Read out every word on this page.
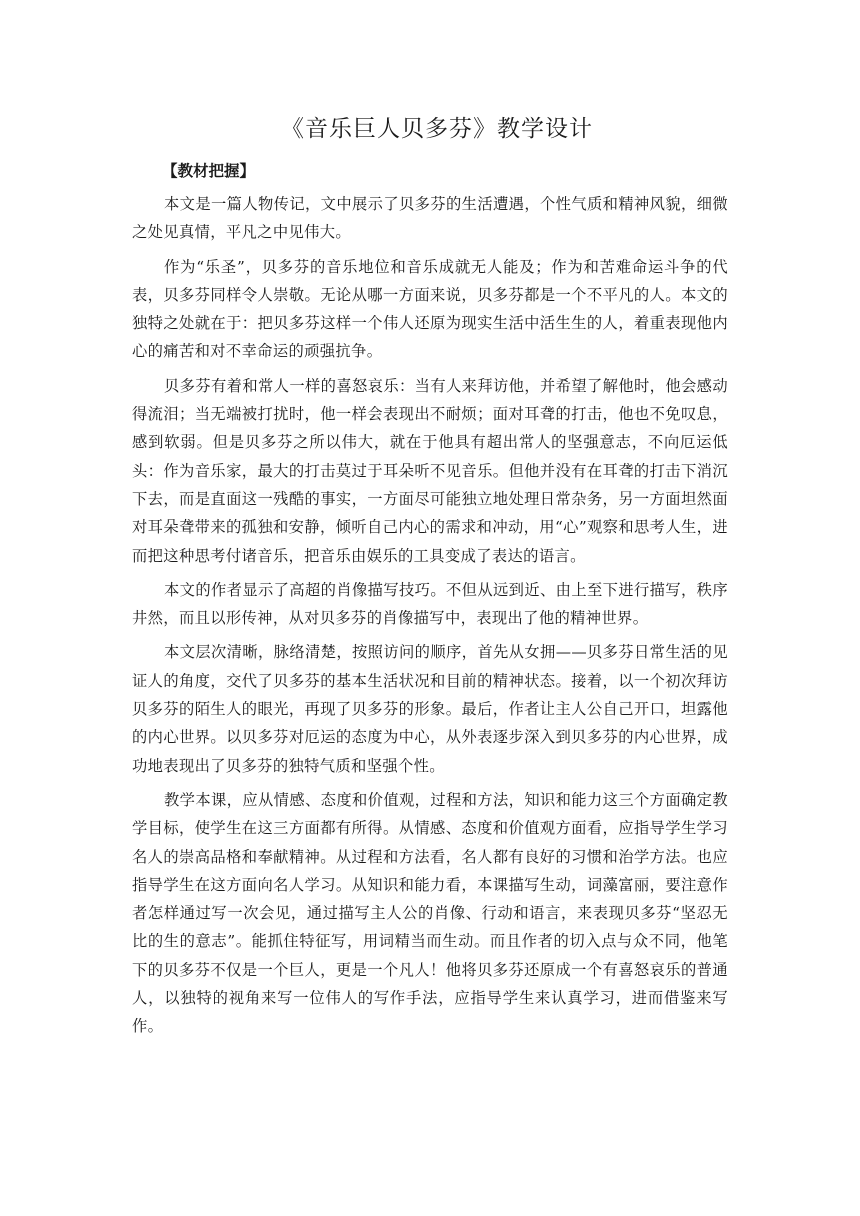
《音乐巨人贝多芬》教学设计
【教材把握】

本文是一篇人物传记，文中展示了贝多芬的生活遭遇，个性气质和精神风貌，细微之处见真情，平凡之中见伟大。

作为“乐圣”，贝多芬的音乐地位和音乐成就无人能及；作为和苦难命运斗争的代表，贝多芬同样令人崇敬。无论从哪一方面来说，贝多芬都是一个不平凡的人。本文的独特之处就在于：把贝多芬这样一个伟人还原为现实生活中活生生的人，着重表现他内心的痛苦和对不幸命运的顽强抗争。

贝多芬有着和常人一样的喜怒哀乐：当有人来拜访他，并希望了解他时，他会感动得流泪；当无端被打扰时，他一样会表现出不耐烦；面对耳聋的打击，他也不免叹息，感到软弱。但是贝多芬之所以伟大，就在于他具有超出常人的坚强意志，不向厄运低头：作为音乐家，最大的打击莫过于耳朵听不见音乐。但他并没有在耳聋的打击下消沉下去，而是直面这一残酷的事实，一方面尽可能独立地处理日常杂务，另一方面坦然面对耳朵聋带来的孤独和安静，倾听自己内心的需求和冲动，用“心”观察和思考人生，进而把这种思考付诸音乐，把音乐由娱乐的工具变成了表达的语言。

本文的作者显示了高超的肖像描写技巧。不但从远到近、由上至下进行描写，秩序井然，而且以形传神，从对贝多芬的肖像描写中，表现出了他的精神世界。

本文层次清晰，脉络清楚，按照访问的顺序，首先从女拥——贝多芬日常生活的见证人的角度，交代了贝多芬的基本生活状况和目前的精神状态。接着，以一个初次拜访贝多芬的陌生人的眼光，再现了贝多芬的形象。最后，作者让主人公自己开口，坦露他的内心世界。以贝多芬对厄运的态度为中心，从外表逐步深入到贝多芬的内心世界，成功地表现出了贝多芬的独特气质和坚强个性。

教学本课，应从情感、态度和价值观，过程和方法，知识和能力这三个方面确定教学目标，使学生在这三方面都有所得。从情感、态度和价值观方面看，应指导学生学习名人的崇高品格和奉献精神。从过程和方法看，名人都有良好的习惯和治学方法。也应指导学生在这方面向名人学习。从知识和能力看，本课描写生动，词藻富丽，要注意作者怎样通过写一次会见，通过描写主人公的肖像、行动和语言，来表现贝多芬“坚忍无比的生的意志”。能抓住特征写，用词精当而生动。而且作者的切入点与众不同，他笔下的贝多芬不仅是一个巨人，更是一个凡人！他将贝多芬还原成一个有喜怒哀乐的普通人，以独特的视角来写一位伟人的写作手法，应指导学生来认真学习，进而借鉴来写作。
